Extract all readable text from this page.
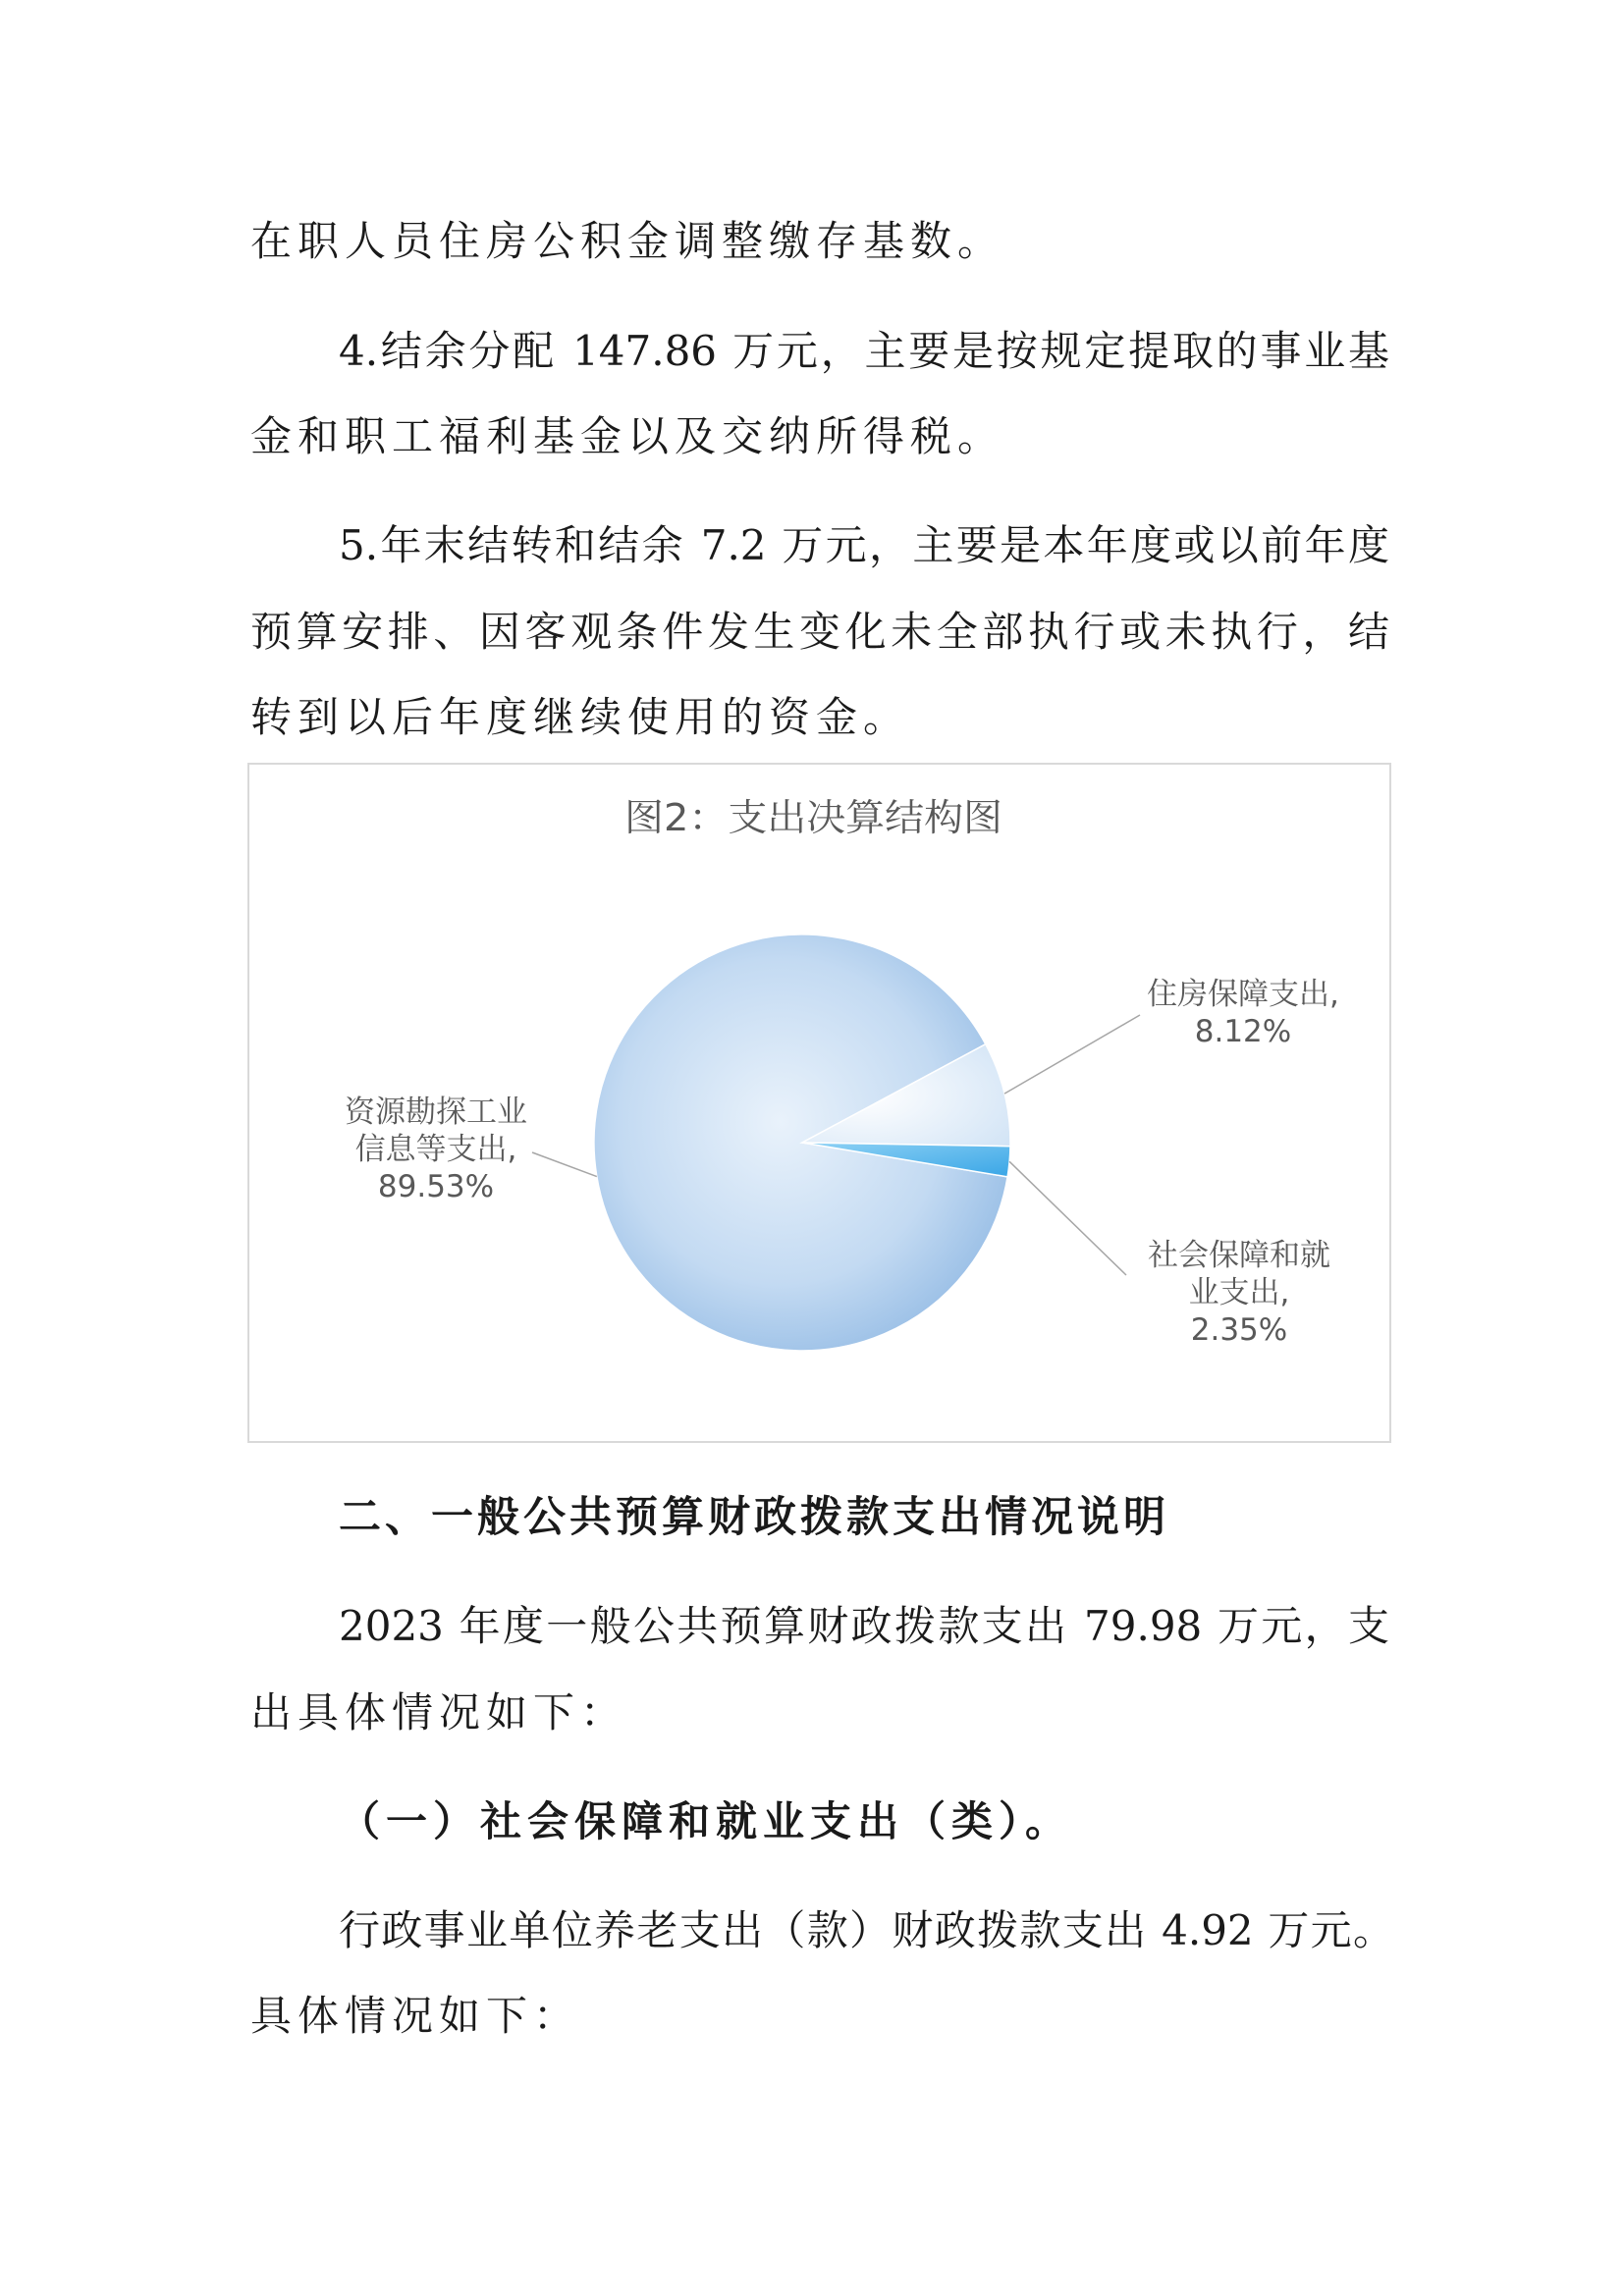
在职人员住房公积金调整缴存基数。
4.结余分配 147.86 万元，主要是按规定提取的事业基
金和职工福利基金以及交纳所得税。
5.年末结转和结余 7.2 万元，主要是本年度或以前年度
预算安排、因客观条件发生变化未全部执行或未执行，结
转到以后年度继续使用的资金。
图2：支出决算结构图
资源勘探工业
信息等支出,
89.53%
住房保障支出,
8.12%
社会保障和就
业支出,
2.35%
二、一般公共预算财政拨款支出情况说明
2023 年度一般公共预算财政拨款支出 79.98 万元，支
出具体情况如下：
（一）社会保障和就业支出（类）。
行政事业单位养老支出（款）财政拨款支出 4.92 万元。
具体情况如下：
